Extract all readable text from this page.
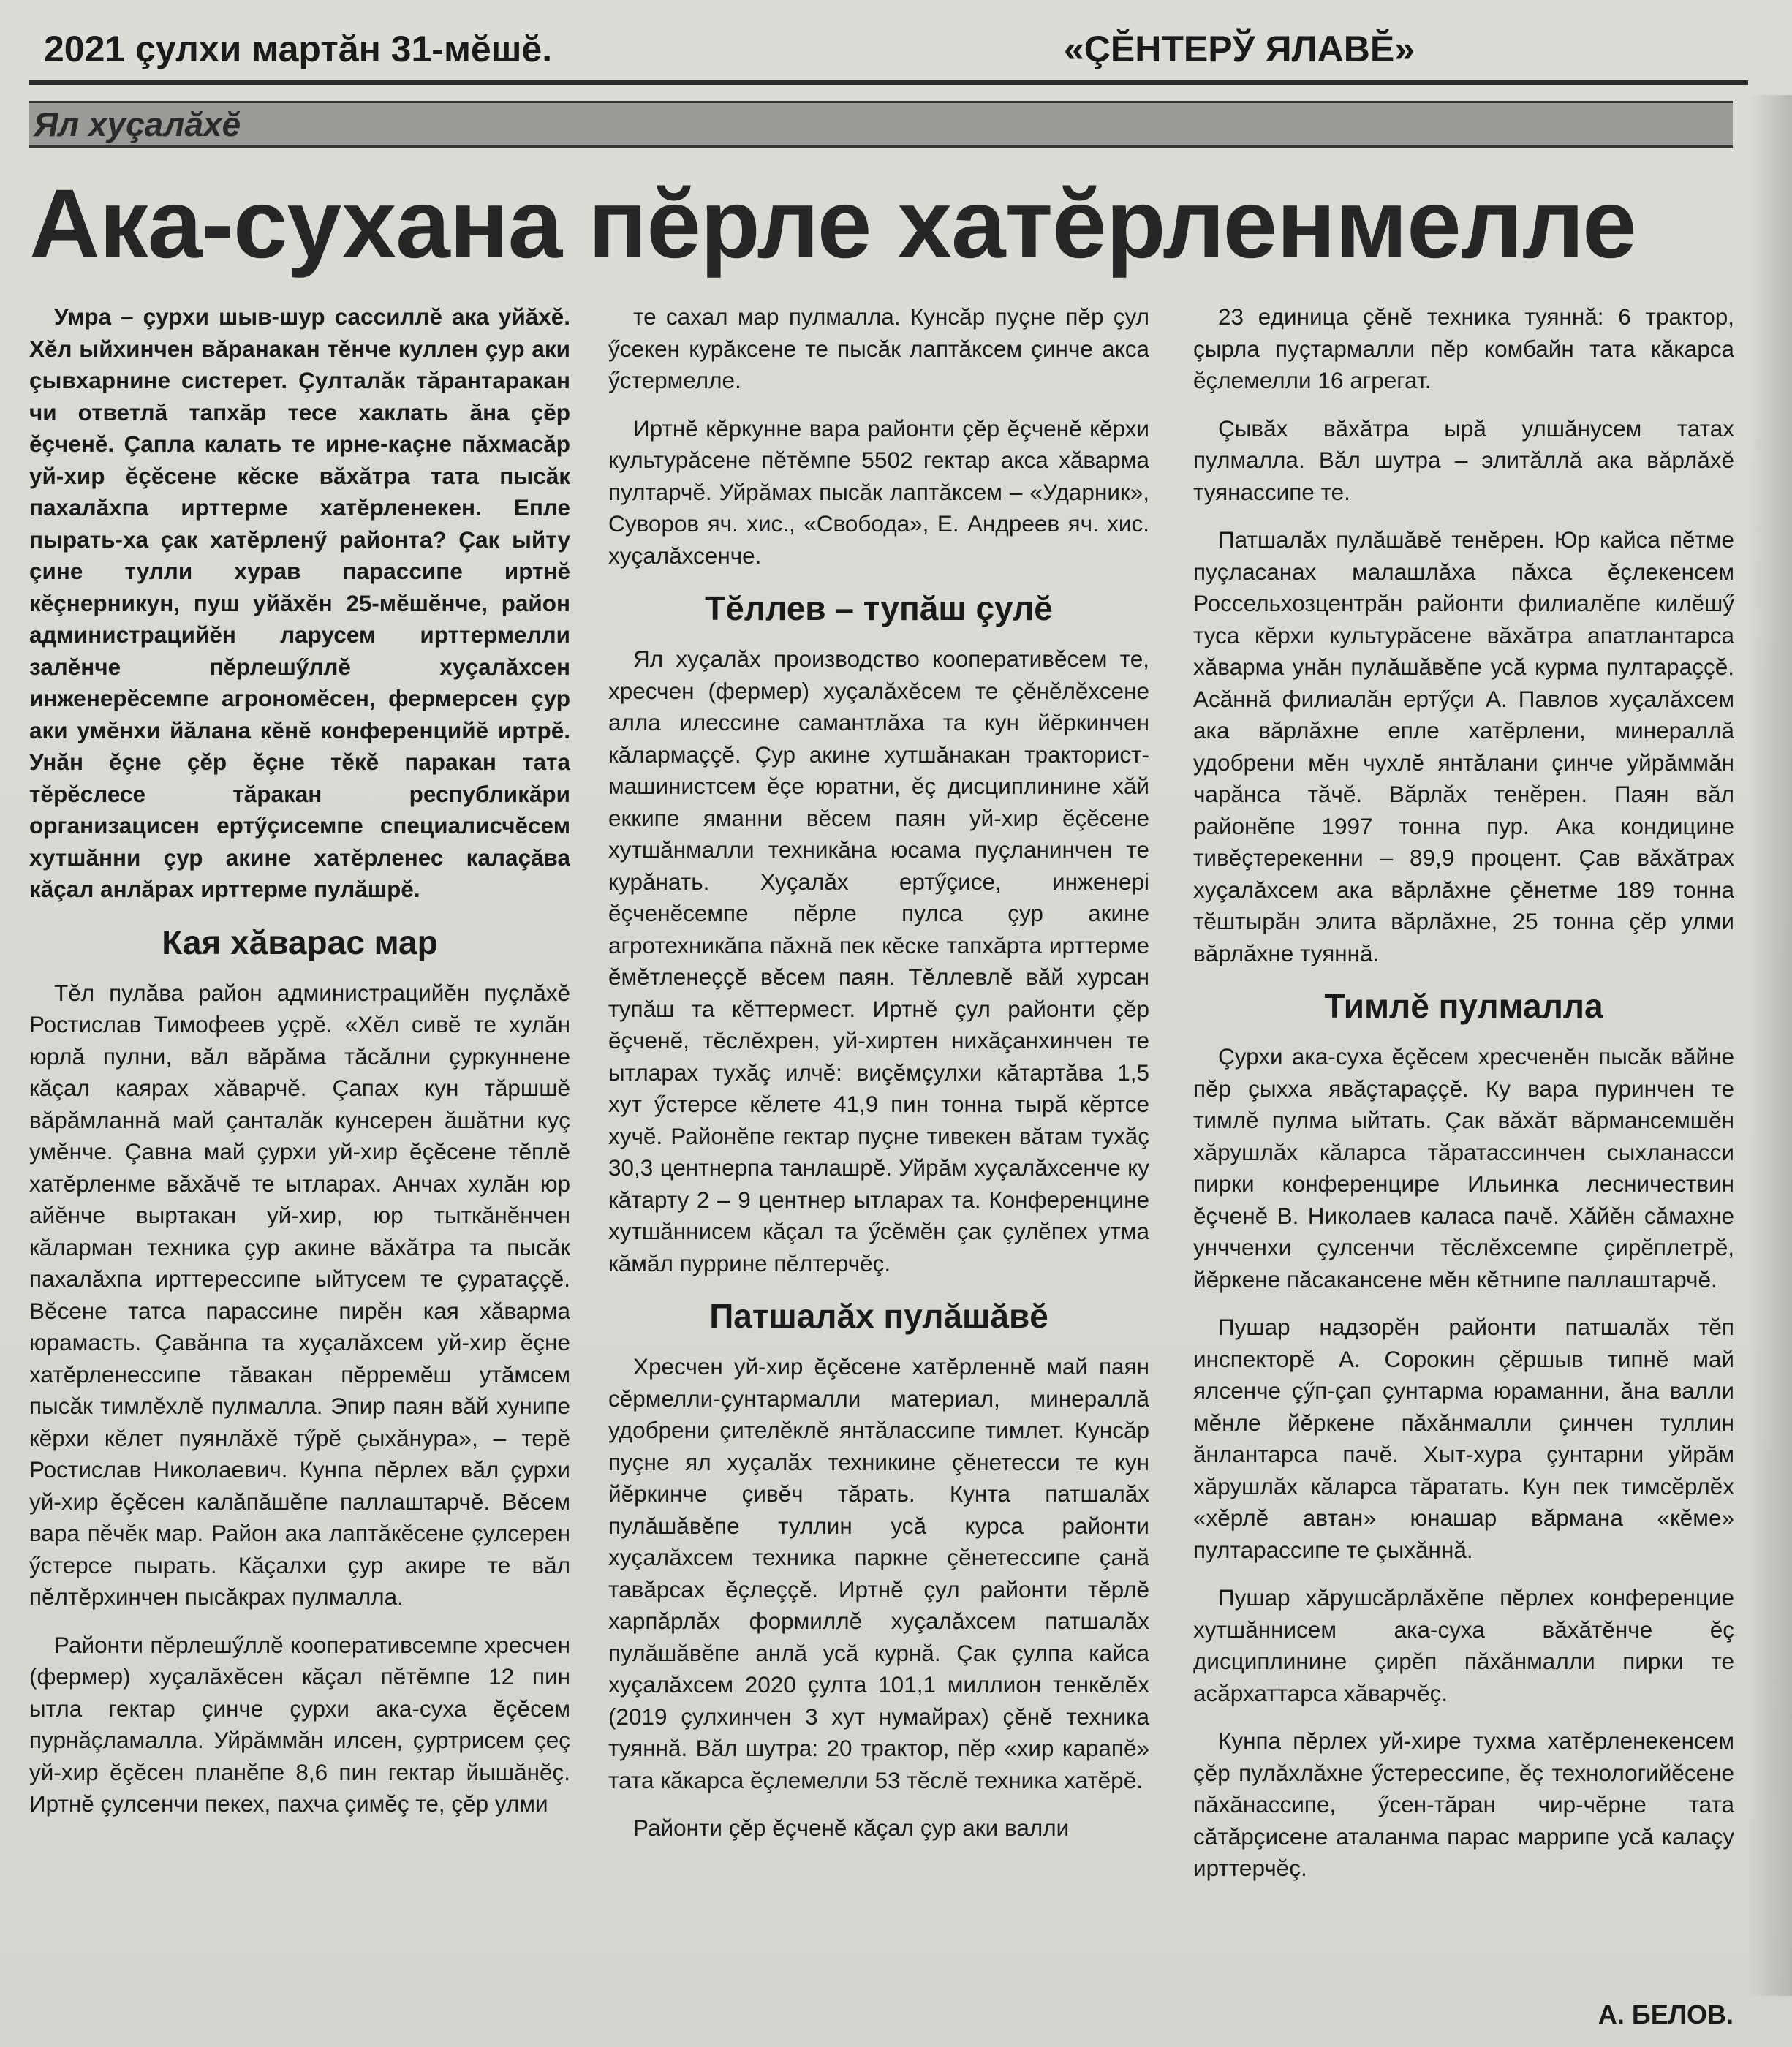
2021 çулхи мартăн 31-мĕшĕ.	«ÇĔНТЕРЎ ЯЛАВĔ»
Ял хуçалăхĕ
Ака-сухана пĕрле хатĕрленмелле

Умра – çурхи шыв-шур сассиллĕ ака уйăхĕ. Хĕл ыйхинчен вăранакан тĕнче куллен çур аки çывхарнине систерет. Çулталăк тăрантаракан чи ответлă тапхăр тесе хаклать ăна çĕр ĕçченĕ. Çапла калать те ирне-каçне пăхмасăр уй-хир ĕçĕсене кĕске вăхăтра тата пысăк пахалăхпа ирттерме хатĕрленекен. Епле пырать-ха çак хатĕрленӳ районта? Çак ыйту çине тулли хурав парассипе иртнĕ кĕçнерникун, пуш уйăхĕн 25-мĕшĕнче, район администрацийĕн ларусем ирттермелли залĕнче пĕрлешӳллĕ хуçалăхсен инженерĕсемпе агрономĕсен, фермерсен çур аки умĕнхи йăлана кĕнĕ конференцийĕ иртрĕ. Унăн ĕçне çĕр ĕçне тĕкĕ паракан тата тĕрĕслесе тăракан республикăри организацисен ертӳçисемпе специалисчĕсем хутшăнни çур акине хатĕрленес калаçăва кăçал анлăрах ирттерме пулăшрĕ.

Кая хăварас мар

Тĕл пулăва район администрацийĕн пуçлăхĕ Ростислав Тимофеев уçрĕ. «Хĕл сивĕ те хулăн юрлă пулни, вăл вăрăма тăсăлни çуркуннене кăçал каярах хăварчĕ. Çапах кун тăршшĕ вăрăмланнă май çанталăк кунсерен ăшăтни куç умĕнче. Çавна май çурхи уй-хир ĕçĕсене тĕплĕ хатĕрленме вăхăчĕ те ытларах. Анчах хулăн юр айĕнче выртакан уй-хир, юр тыткăнĕнчен кăларман техника çур акине вăхăтра та пысăк пахалăхпа ирттерессипе ыйтусем те çуратаççĕ. Вĕсене татса парассине пирĕн кая хăварма юрамасть. Çавăнпа та хуçалăхсем уй-хир ĕçне хатĕрленессипе тăвакан пĕрремĕш утăмсем пысăк тимлĕхлĕ пулмалла. Эпир паян вăй хунипе кĕрхи кĕлет пуянлăхĕ тӳрĕ çыхăнура», – терĕ Ростислав Николаевич. Кунпа пĕрлех вăл çурхи уй-хир ĕçĕсен калăпăшĕпе паллаштарчĕ. Вĕсем вара пĕчĕк мар. Район ака лаптăкĕсене çулсерен ӳстерсе пырать. Кăçалхи çур акире те вăл пĕлтĕрхинчен пысăкрах пулмалла.

Районти пĕрлешӳллĕ кооперативсемпе хресчен (фермер) хуçалăхĕсен кăçал пĕтĕмпе 12 пин ытла гектар çинче çурхи ака-суха ĕçĕсем пурнăçламалла. Уйрăммăн илсен, çуртрисем çеç уй-хир ĕçĕсен планĕпе 8,6 пин гектар йышăнĕç. Иртнĕ çулсенчи пекех, пахча çимĕç те, çĕр улми

те сахал мар пулмалла. Кунсăр пуçне пĕр çул ӳсекен курăксене те пысăк лаптăксем çинче акса ӳстермелле.

Иртнĕ кĕркунне вара районти çĕр ĕçченĕ кĕрхи культурăсене пĕтĕмпе 5502 гектар акса хăварма пултарчĕ. Уйрăмах пысăк лаптăксем – «Ударник», Суворов яч. хис., «Свобода», Е. Андреев яч. хис. хуçалăхсенче.

Тĕллев – тупăш çулĕ

Ял хуçалăх производство кооперативĕсем те, хресчен (фермер) хуçалăхĕсем те çĕнĕлĕхсене алла илессине самантлăха та кун йĕркинчен кăлармаççĕ. Çур акине хутшăнакан тракторист-машинистсем ĕçе юратни, ĕç дисциплинине хăй еккипе яманни вĕсем паян уй-хир ĕçĕсене хутшăнмалли техникăна юсама пуçланинчен те курăнать. Хуçалăх ертӳçисе, инженерi ĕçченĕсемпе пĕрле пулса çур акине агротехникăпа пăхнă пек кĕске тапхăрта ирттерме ĕмĕтленеççĕ вĕсем паян. Тĕллевлĕ вăй хурсан тупăш та кĕттермест. Иртнĕ çул районти çĕр ĕçченĕ, тĕслĕхрен, уй-хиртен нихăçанхинчен те ытларах тухăç илчĕ: виçĕмçулхи кăтартăва 1,5 хут ӳстерсе кĕлете 41,9 пин тонна тырă кĕртсе хучĕ. Районĕпе гектар пуçне тивекен вăтам тухăç 30,3 центнерпа танлашрĕ. Уйрăм хуçалăхсенче ку кăтарту 2 – 9 центнер ытларах та. Конференцине хутшăннисем кăçал та ӳсĕмĕн çак çулĕпех утма кăмăл пуррине пĕлтерчĕç.

Патшалăх пулăшăвĕ

Хресчен уй-хир ĕçĕсене хатĕрленнĕ май паян сĕрмелли-çунтармалли материал, минераллă удобрени çителĕклĕ янтăлассипе тимлет. Кунсăр пуçне ял хуçалăх техникине çĕнетесси те кун йĕркинче çивĕч тăрать. Кунта патшалăх пулăшăвĕпе туллин усă курса районти хуçалăхсем техника паркне çĕнетессипе çанă тавăрсах ĕçлеççĕ. Иртнĕ çул районти тĕрлĕ харпăрлăх формиллĕ хуçалăхсем патшалăх пулăшăвĕпе анлă усă курнă. Çак çулпа кайса хуçалăхсем 2020 çулта 101,1 миллион тенкĕлĕх (2019 çулхинчен 3 хут нумайрах) çĕнĕ техника туяннă. Вăл шутра: 20 трактор, пĕр «хир карапĕ» тата кăкарса ĕçлемелли 53 тĕслĕ техника хатĕрĕ.

Районти çĕр ĕçченĕ кăçал çур аки валли

23 единица çĕнĕ техника туяннă: 6 трактор, çырла пуçтармалли пĕр комбайн тата кăкарса ĕçлемелли 16 агрегат.

Çывăх вăхăтра ырă улшăнусем татах пулмалла. Вăл шутра – элитăллă ака вăрлăхĕ туянассипе те.

Патшалăх пулăшăвĕ тенĕрен. Юр кайса пĕтме пуçласанах малашлăха пăхса ĕçлекенсем Россельхозцентрăн районти филиалĕпе килĕшӳ туса кĕрхи культурăсене вăхăтра апатлантарса хăварма унăн пулăшăвĕпе усă курма пултараççĕ. Асăннă филиалăн ертӳçи А. Павлов хуçалăхсем ака вăрлăхне епле хатĕрлени, минераллă удобрени мĕн чухлĕ янтăлани çинче уйрăммăн чарăнса тăчĕ. Вăрлăх тенĕрен. Паян вăл районĕпе 1997 тонна пур. Ака кондицине тивĕçтерекенни – 89,9 процент. Çав вăхăтрах хуçалăхсем ака вăрлăхне çĕнетме 189 тонна тĕштырăн элита вăрлăхне, 25 тонна çĕр улми вăрлăхне туяннă.

Тимлĕ пулмалла

Çурхи ака-суха ĕçĕсем хресченĕн пысăк вăйне пĕр çыхха явăçтараççĕ. Ку вара пуринчен те тимлĕ пулма ыйтать. Çак вăхăт вăрмансемшĕн хăрушлăх кăларса тăратассинчен сыхланасси пирки конференцире Ильинка лесничествин ĕçченĕ В. Николаев каласа пачĕ. Хăйĕн сăмахне унчченхи çулсенчи тĕслĕхсемпе çирĕплетрĕ, йĕркене пăсакансене мĕн кĕтнипе паллаштарчĕ.

Пушар надзорĕн районти патшалăх тĕп инспекторĕ А. Сорокин çĕршыв типнĕ май ялсенче çӳп-çап çунтарма юраманни, ăна валли мĕнле йĕркене пăхăнмалли çинчен туллин ăнлантарса пачĕ. Хыт-хура çунтарни уйрăм хăрушлăх кăларса тăратать. Кун пек тимсĕрлĕх «хĕрлĕ автан» юнашар вăрмана «кĕме» пултарассипе те çыхăннă.

Пушар хăрушсăрлăхĕпе пĕрлех конференцие хутшăннисем ака-суха вăхăтĕнче ĕç дисциплинине çирĕп пăхăнмалли пирки те асăрхаттарса хăварчĕç.

Кунпа пĕрлех уй-хире тухма хатĕрленекенсем çĕр пулăхлăхне ӳстерессипе, ĕç технологийĕсене пăхăнассипе, ӳсен-тăран чир-чĕрне тата сăтăрçисене аталанма парас маррипе усă калаçу ирттерчĕç.

А. БЕЛОВ.
